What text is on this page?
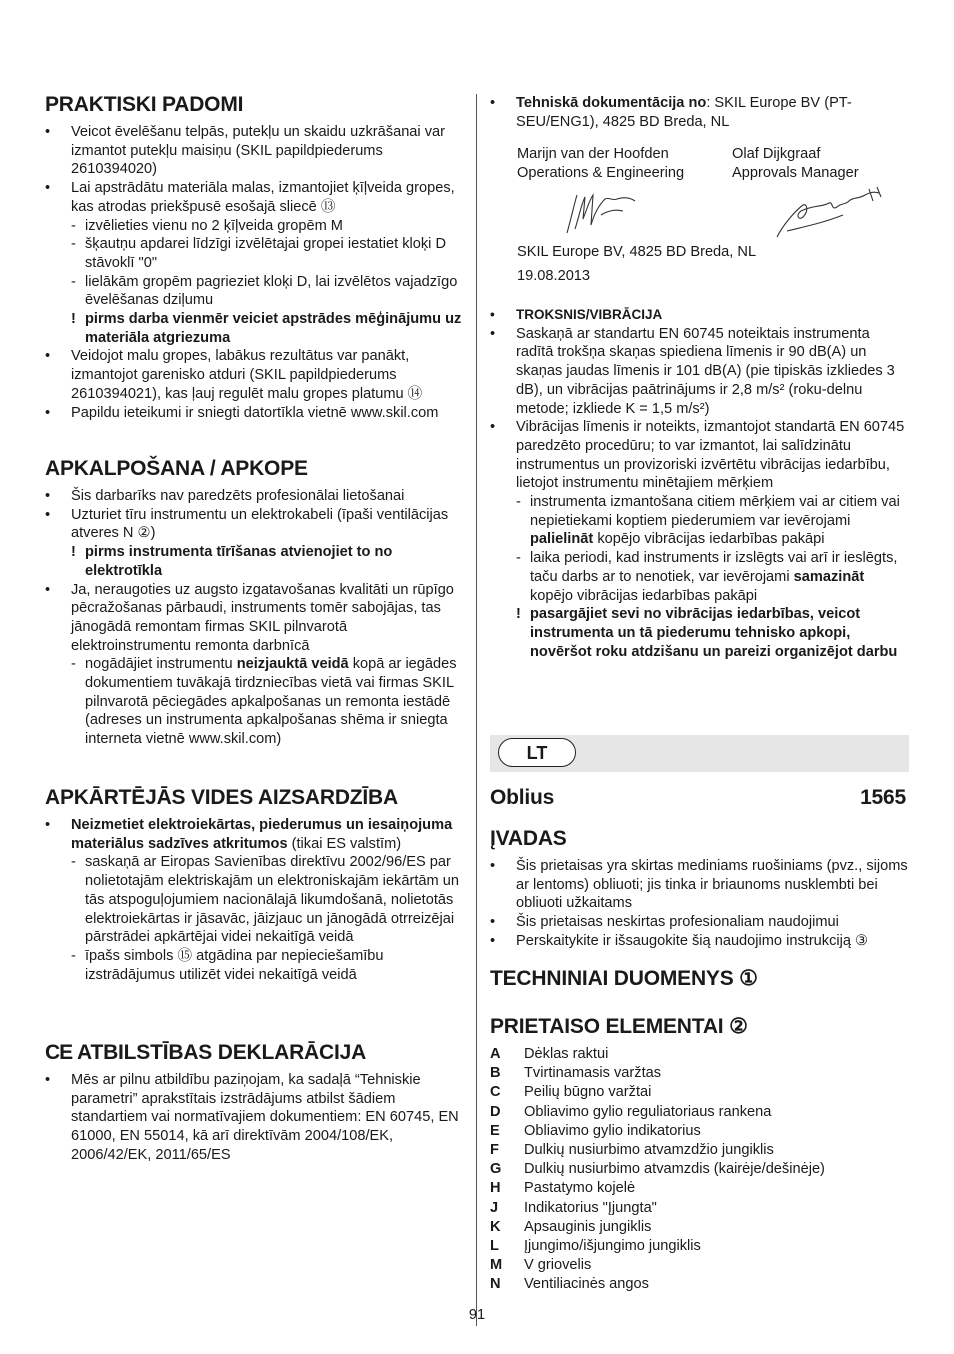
PRAKTISKI PADOMI
• Veicot ēvelēšanu telpās, putekļu un skaidu uzkrāšanai var izmantot putekļu maisiņu (SKIL papildpiederums 2610394020)
• Lai apstrādātu materiāla malas, izmantojiet ķīļveida gropes, kas atrodas priekšpusē esošajā sliecē ⑬
- izvēlieties vienu no 2 ķīļveida gropēm M
- šķautņu apdarei līdzīgi izvēlētajai gropei iestatiet kloķi D stāvoklī "0"
- lielākām gropēm pagrieziet kloķi D, lai izvēlētos vajadzīgo ēvelēšanas dziļumu
! pirms darba vienmēr veiciet apstrādes mēģinājumu uz materiāla atgriezuma
• Veidojot malu gropes, labākus rezultātus var panākt, izmantojot garenisko atduri (SKIL papildpiederums 2610394021), kas ļauj regulēt malu gropes platumu ⑭
• Papildu ieteikumi ir sniegti datortīkla vietnē www.skil.com
APKALPOŠANA / APKOPE
• Šis darbarīks nav paredzēts profesionālai lietošanai
• Uzturiet tīru instrumentu un elektrokabeli (īpaši ventilācijas atveres N ②)
! pirms instrumenta tīrīšanas atvienojiet to no elektrotīkla
• Ja, neraugoties uz augsto izgatavošanas kvalitāti un rūpīgo pēcražošanas pārbaudi, instruments tomēr sabojājas, tas jānogādā remontam firmas SKIL pilnvarotā elektroinstrumentu remonta darbnīcā
- nogādājiet instrumentu neizjauktā veidā kopā ar iegādes dokumentiem tuvākajā tirdzniecības vietā vai firmas SKIL pilnvarotā pēciegādes apkalpošanas un remonta iestādē (adreses un instrumenta apkalpošanas shēma ir sniegta interneta vietnē www.skil.com)
APKĀRTĒJĀS VIDES AIZSARDZĪBA
• Neizmetiet elektroiekārtas, piederumus un iesaiņojuma materiālus sadzīves atkritumos (tikai ES valstīm)
- saskaņā ar Eiropas Savienības direktīvu 2002/96/ES par nolietotajām elektriskajām un elektroniskajām iekārtām un tās atspoguļojumiem nacionālajā likumdošanā, nolietotās elektroiekārtas ir jāsavāc, jāizjauc un jānogādā otrreizējai pārstrādei apkārtējai videi nekaitīgā veidā
- īpašs simbols ⑮ atgādina par nepieciešamību izstrādājumus utilizēt videi nekaitīgā veidā
CE ATBILSTĪBAS DEKLARĀCIJA
• Mēs ar pilnu atbildību paziņojam, ka sadaļā “Tehniskie parametri” aprakstītais izstrādājums atbilst šādiem standartiem vai normatīvajiem dokumentiem: EN 60745, EN 61000, EN 55014, kā arī direktīvām 2004/108/EK, 2006/42/EK, 2011/65/ES
• Tehniskā dokumentācija no: SKIL Europe BV (PT-SEU/ENG1), 4825 BD Breda, NL
Marijn van der Hoofden
Operations & Engineering
Olaf Dijkgraaf
Approvals Manager
SKIL Europe BV, 4825 BD Breda, NL
19.08.2013
• TROKSNIS/VIBRĀCIJA
• Saskaņā ar standartu EN 60745 noteiktais instrumenta radītā trokšņa skaņas spiediena līmenis ir 90 dB(A) un skaņas jaudas līmenis ir 101 dB(A) (pie tipiskās izkliedes 3 dB), un vibrācijas paātrinājums ir 2,8 m/s² (roku-delnu metode; izkliede K = 1,5 m/s²)
• Vibrācijas līmenis ir noteikts, izmantojot standartā EN 60745 paredzēto procedūru; to var izmantot, lai salīdzinātu instrumentus un provizoriski izvērtētu vibrācijas iedarbību, lietojot instrumentu minētajiem mērķiem
- instrumenta izmantošana citiem mērķiem vai ar citiem vai nepietiekami koptiem piederumiem var ievērojami palielināt kopējo vibrācijas iedarbības pakāpi
- laika periodi, kad instruments ir izslēgts vai arī ir ieslēgts, taču darbs ar to nenotiek, var ievērojami samazināt kopējo vibrācijas iedarbības pakāpi
! pasargājiet sevi no vibrācijas iedarbības, veicot instrumenta un tā piederumu tehnisko apkopi, novēršot roku atdzišanu un pareizi organizējot darbu
LT
Oblius	1565
ĮVADAS
• Šis prietaisas yra skirtas mediniams ruošiniams (pvz., sijoms ar lentoms) obliuoti; jis tinka ir briaunoms nusklembti bei obliuoti užkaitams
• Šis prietaisas neskirtas profesionaliam naudojimui
• Perskaitykite ir išsaugokite šią naudojimo instrukciją ③
TECHNINIAI DUOMENYS ①
PRIETAISO ELEMENTAI ②
A Dėklas raktui
B Tvirtinamasis varžtas
C Peilių būgno varžtai
D Obliavimo gylio reguliatoriaus rankena
E Obliavimo gylio indikatorius
F Dulkių nusiurbimo atvamzdžio jungiklis
G Dulkių nusiurbimo atvamzdis (kairėje/dešinėje)
H Pastatymo kojelė
J Indikatorius "Įjungta"
K Apsauginis jungiklis
L Įjungimo/išjungimo jungiklis
M V griovelis
N Ventiliacinės angos
91
